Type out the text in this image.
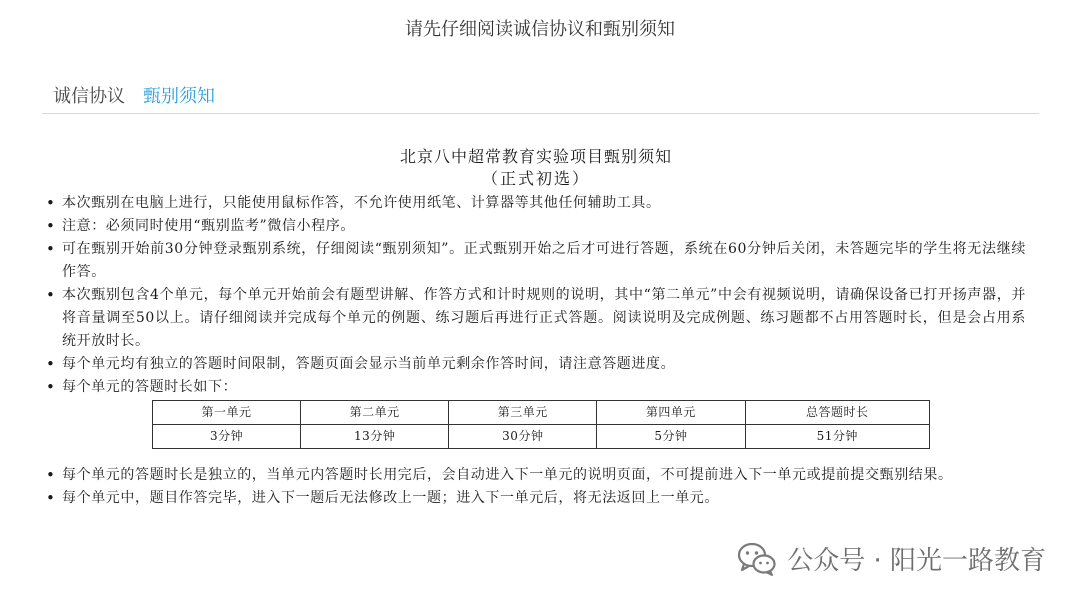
请先仔细阅读诚信协议和甄别须知
诚信协议 甄别须知
北京八中超常教育实验项目甄别须知
（正式初选）
• 本次甄别在电脑上进行，只能使用鼠标作答，不允许使用纸笔、计算器等其他任何辅助工具。
• 注意：必须同时使用“甄别监考”微信小程序。
• 可在甄别开始前30分钟登录甄别系统，仔细阅读“甄别须知”。正式甄别开始之后才可进行答题，系统在60分钟后关闭，未答题完毕的学生将无法继续作答。
• 本次甄别包含4个单元，每个单元开始前会有题型讲解、作答方式和计时规则的说明，其中“第二单元”中会有视频说明，请确保设备已打开扬声器，并将音量调至50以上。请仔细阅读并完成每个单元的例题、练习题后再进行正式答题。阅读说明及完成例题、练习题都不占用答题时长，但是会占用系统开放时长。
• 每个单元均有独立的答题时间限制，答题页面会显示当前单元剩余作答时间，请注意答题进度。
• 每个单元的答题时长如下：
第一单元	第二单元	第三单元	第四单元	总答题时长
3分钟	13分钟	30分钟	5分钟	51分钟
• 每个单元的答题时长是独立的，当单元内答题时长用完后，会自动进入下一单元的说明页面，不可提前进入下一单元或提前提交甄别结果。
• 每个单元中，题目作答完毕，进入下一题后无法修改上一题；进入下一单元后，将无法返回上一单元。
公众号 · 阳光一路教育
